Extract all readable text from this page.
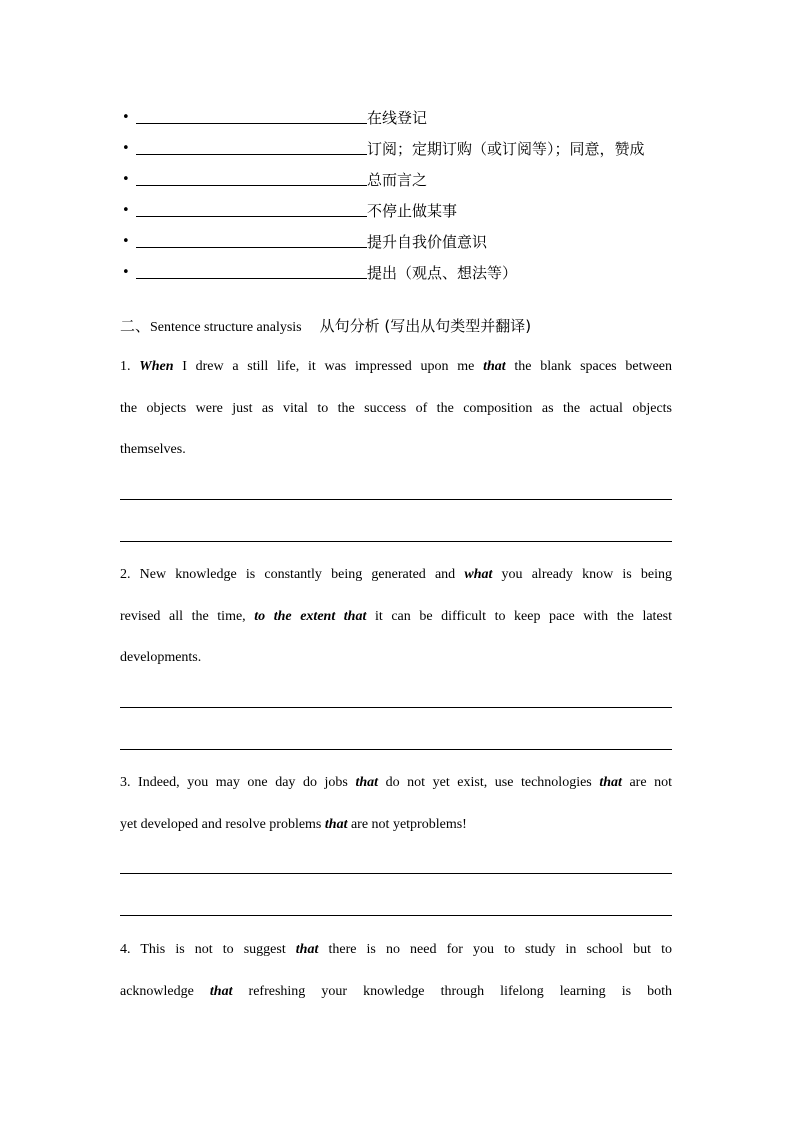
•	在线登记
•	订阅；定期订购（或订阅等）；同意，赞成
•	总而言之
•	不停止做某事
•	提升自我价值意识
•	提出（观点、想法等）
二、Sentence structure analysis 从句分析 (写出从句类型并翻译)

1. When I drew a still life, it was impressed upon me that the blank spaces between
the objects were just as vital to the success of the composition as the actual objects
themselves.

2. New knowledge is constantly being generated and what you already know is being
revised all the time, to the extent that it can be difficult to keep pace with the latest
developments.

3. Indeed, you may one day do jobs that do not yet exist, use technologies that are not
yet developed and resolve problems that are not yetproblems!

4. This is not to suggest that there is no need for you to study in school but to
acknowledge that refreshing your knowledge through lifelong learning is both
